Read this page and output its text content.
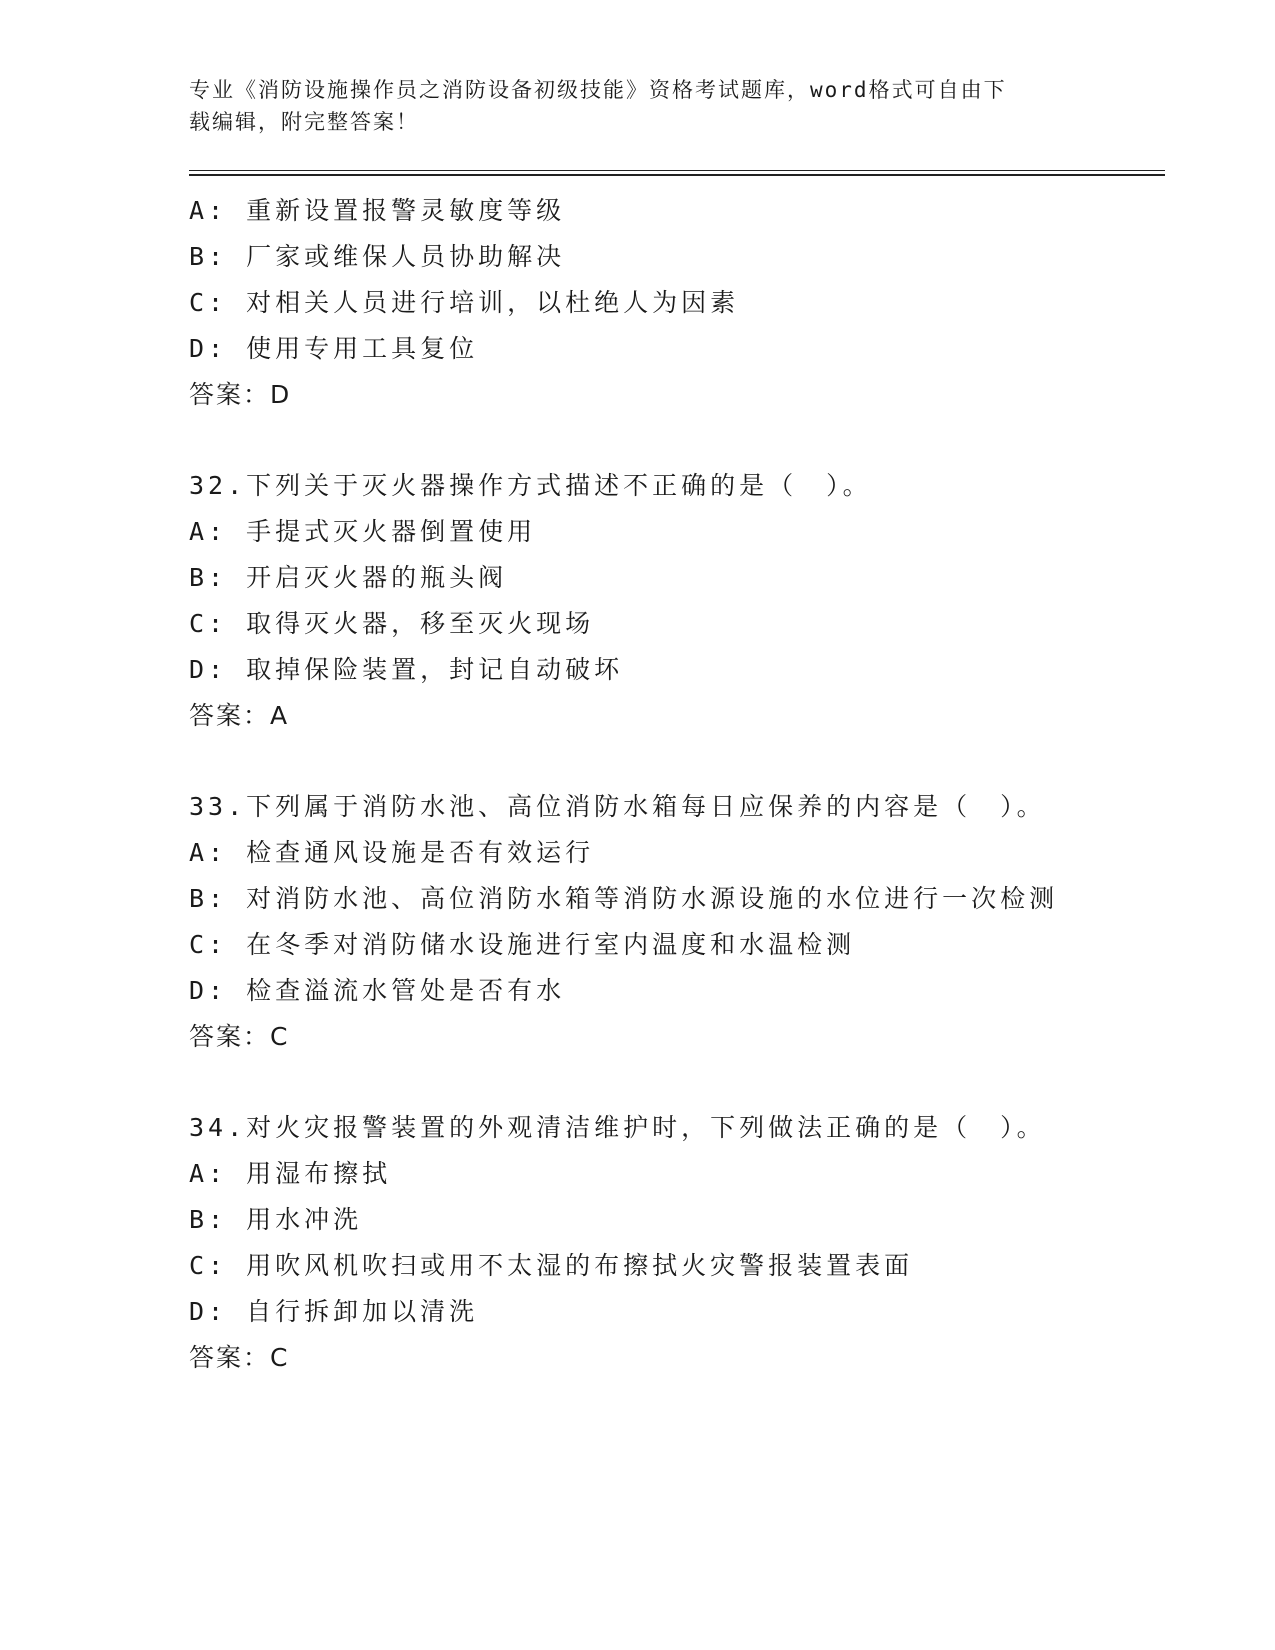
专业《消防设施操作员之消防设备初级技能》资格考试题库，word格式可自由下
载编辑，附完整答案！
A: 重新设置报警灵敏度等级
B: 厂家或维保人员协助解决
C: 对相关人员进行培训，以杜绝人为因素
D: 使用专用工具复位
答案：D
32.下列关于灭火器操作方式描述不正确的是（　）。
A: 手提式灭火器倒置使用
B: 开启灭火器的瓶头阀
C: 取得灭火器，移至灭火现场
D: 取掉保险装置，封记自动破坏
答案：A
33.下列属于消防水池、高位消防水箱每日应保养的内容是（　）。
A: 检查通风设施是否有效运行
B: 对消防水池、高位消防水箱等消防水源设施的水位进行一次检测
C: 在冬季对消防储水设施进行室内温度和水温检测
D: 检查溢流水管处是否有水
答案：C
34.对火灾报警装置的外观清洁维护时，下列做法正确的是（　）。
A: 用湿布擦拭
B: 用水冲洗
C: 用吹风机吹扫或用不太湿的布擦拭火灾警报装置表面
D: 自行拆卸加以清洗
答案：C
